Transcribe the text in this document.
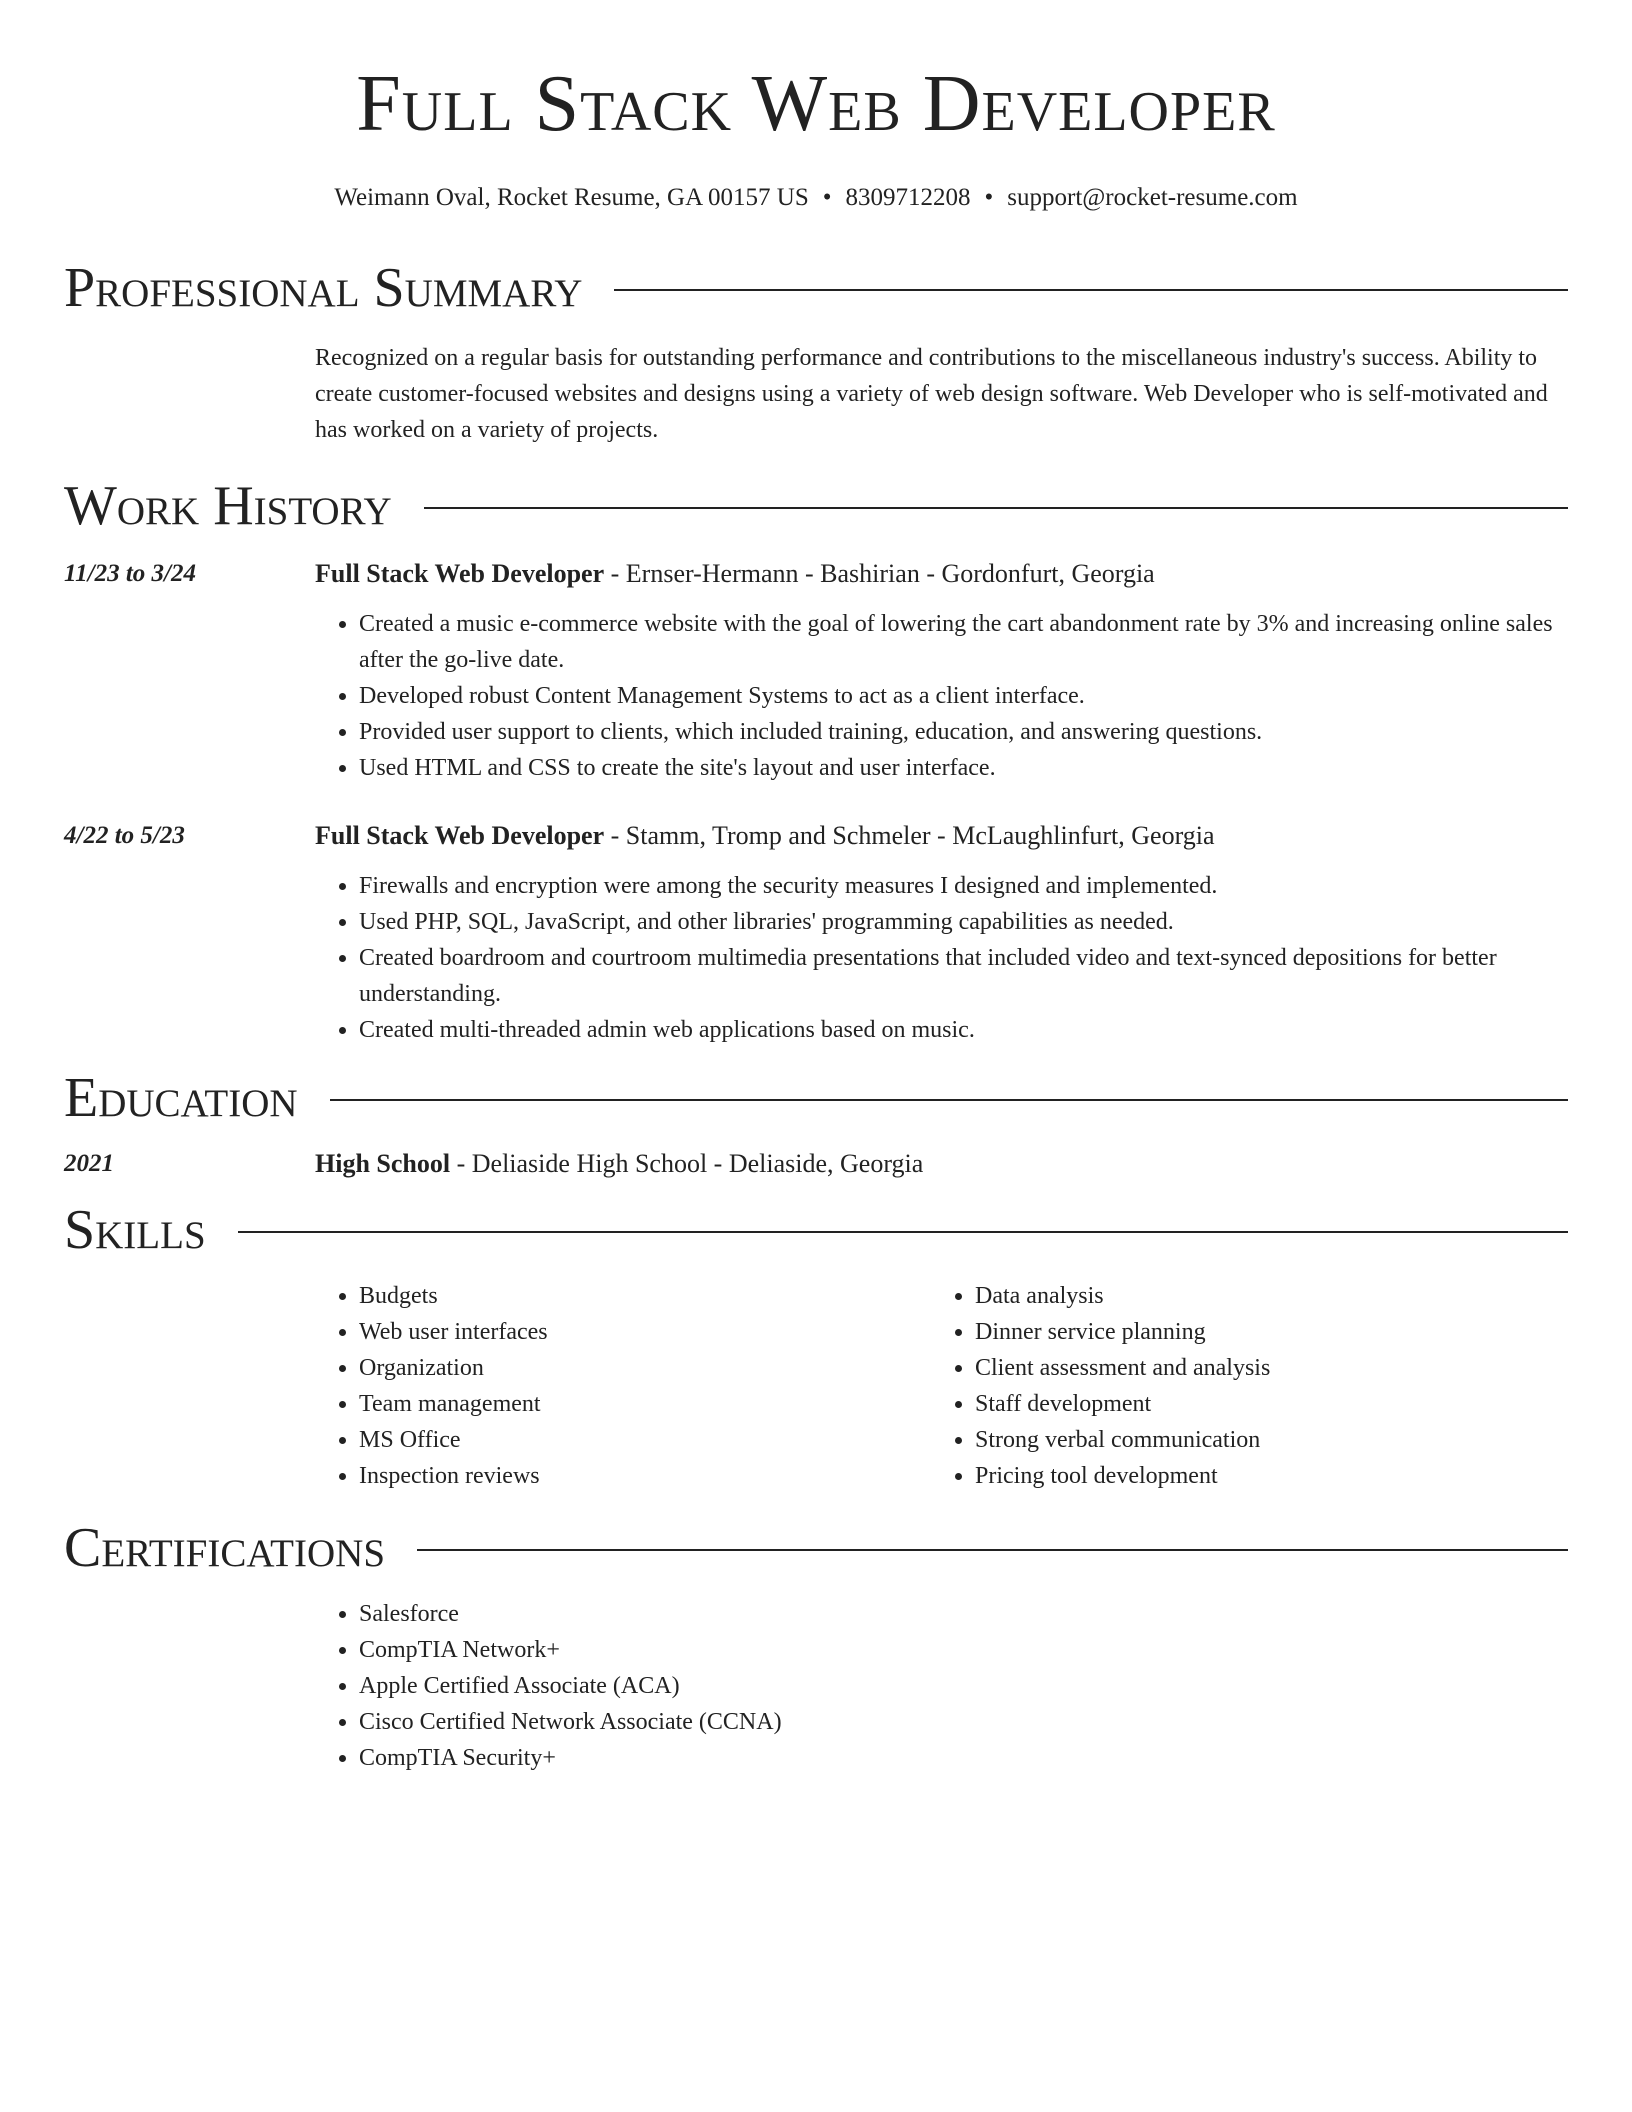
Full Stack Web Developer
Weimann Oval, Rocket Resume, GA 00157 US • 8309712208 • support@rocket-resume.com
Professional Summary
Recognized on a regular basis for outstanding performance and contributions to the miscellaneous industry's success. Ability to create customer-focused websites and designs using a variety of web design software. Web Developer who is self-motivated and has worked on a variety of projects.
Work History
11/23 to 3/24	Full Stack Web Developer - Ernser-Hermann - Bashirian - Gordonfurt, Georgia
• Created a music e-commerce website with the goal of lowering the cart abandonment rate by 3% and increasing online sales after the go-live date.
• Developed robust Content Management Systems to act as a client interface.
• Provided user support to clients, which included training, education, and answering questions.
• Used HTML and CSS to create the site's layout and user interface.
4/22 to 5/23	Full Stack Web Developer - Stamm, Tromp and Schmeler - McLaughlinfurt, Georgia
• Firewalls and encryption were among the security measures I designed and implemented.
• Used PHP, SQL, JavaScript, and other libraries' programming capabilities as needed.
• Created boardroom and courtroom multimedia presentations that included video and text-synced depositions for better understanding.
• Created multi-threaded admin web applications based on music.
Education
2021	High School - Deliaside High School - Deliaside, Georgia
Skills
• Budgets
• Web user interfaces
• Organization
• Team management
• MS Office
• Inspection reviews
• Data analysis
• Dinner service planning
• Client assessment and analysis
• Staff development
• Strong verbal communication
• Pricing tool development
Certifications
• Salesforce
• CompTIA Network+
• Apple Certified Associate (ACA)
• Cisco Certified Network Associate (CCNA)
• CompTIA Security+
